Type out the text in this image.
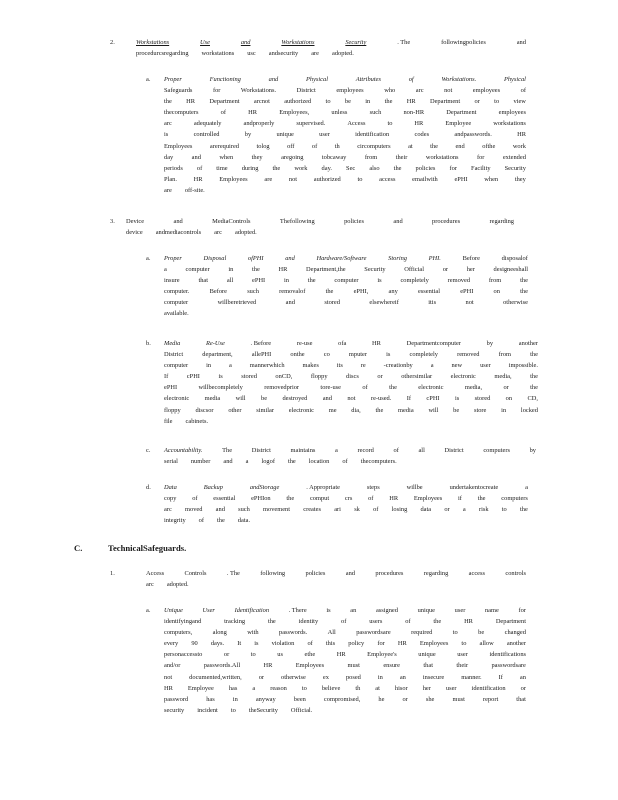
2.	Workstations	Use	and	Workstations	Security	. The	followingpolicies	and
procedurcsregarding workstations usc andsecurity are adopted.
a. Proper	Functioning	and	Physical	Attributes	of	Workstations.	Physical
Safeguards	for	Workstations.	District	employees	who	arc	not	employees	of
the HR Department arcnot authorized to be in the HR Department or to view
thecomputers	of	HR	Employees,	unless	such	non-HR	Department	employees
arc	adequately	andproperly	supervised.	Access	to	HR	Employee	workstations
is	controlled	by	unique	user	identification	codes	andpasswords.	HR
Employees	arerequired	tolog	off	of	th	circomputers	at	the	end	ofthe	work
day	and	when	they	aregoing	tobcaway	from	their	workstations	for	extended
periods of time during the work day. Sec also the policies for Facility Security
Plan.	HR	Employees	are	not	authorized	to	access	emailwith	ePHI	when	they
are off-site.
3. Device	and	MediaControls	Thefollowing	policies	and	procedures	regarding
device andmediacontrols arc adopted.
a. Proper	Disposal	ofPHI	and	Hardware/Software	Storing	PHI.	Before	disposalof
a	computer	in	the	HR	Department,the	Security	Official	or	her	designeeshall
insure	that	all	ePHI	in	the	computer	is	completely	removed	from	the
computer.	Before	such	removalof	the	ePHI,	any	essential	ePHI	on	the
computer	willberetrieved	and	stored	elsewhereif	itis	not	otherwise
available.
b. Media	Re-Use	. Before	re-use	ofa	HR	Departmentcomputer	by	another
District	department,	allePHI	onthe	co	mputer	is	completely	removed	from	the
computer	in	a	mannerwhich	makes	its	re	-creationby	a	new	user	impossible.
If	cPHI	is	stored	onCD,	floppy	discs	or	othersimilar	electronic	media,	the
ePHI	willbecompletely	removedprior	tore-use	of	the	electronic	media,	or	the
electronic media will be destroyed and not re-used. If cPHI is stored on CD,
floppy discsor other similar electronic me dia, the media will be store in locked
file cabinets.
c. Accountability.	The	District	maintains	a	record	of	all	District	computers	by
serial number and a logof the location of thecomputers.
d. Data	Backup	andStorage	. Appropriate	steps	willbe	undertakentocreate	a
copy of essential ePHIon the comput crs of HR Employees if the computers
arc moved and such movement creates ari sk of losing data or a risk to the
integrity of the data.
C.	TechnicalSafeguards.
1.	Access	Controls	. The	following	policies	and	procedures	regarding	access	controls
arc adopted.
a. Unique	User	Identification	. There	is	an	assigned	unique	user	name	for
identifyingand	tracking	the	identity	of	users	of	the	HR	Department
computers,	along	with	passwords.	All	passwordsare	required	to	be	changed
every 90 days. It is violation of this policy for HR Employees to allow another
personaccessto	or	to	us	ethe	HR	Employee's	unique	user	identifications
and/or	passwords.All	HR	Employees	must	ensure	that	their	passwordsare
not	documented,written,	or	otherwise	ex	posed	in	an	insecure	manner.	If	an
HR Employee has a reason to believe th at hisor her user identification or
password	has	in	anyway	been	compromised,	he	or	she	must	report	that
security incident to theSecurity Official.
